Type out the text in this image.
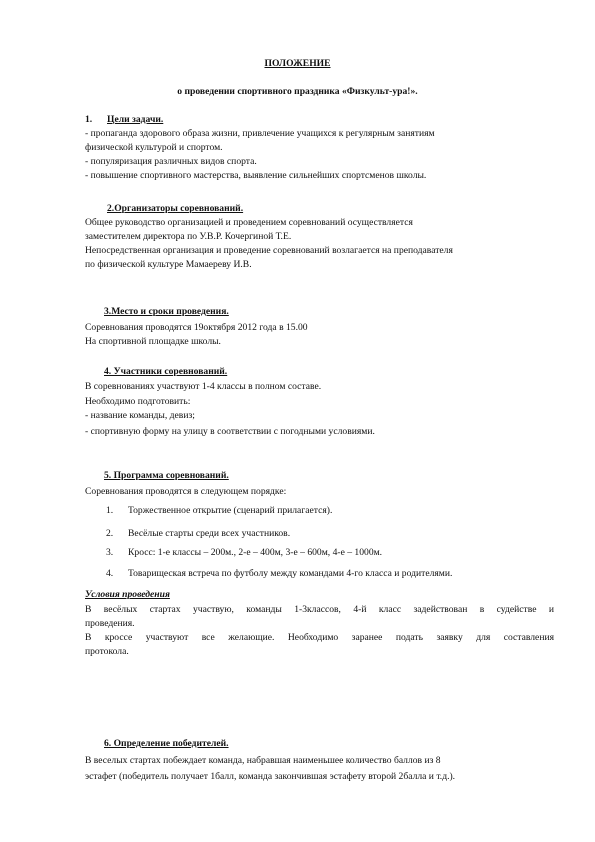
ПОЛОЖЕНИЕ
о проведении спортивного праздника «Физкульт-ура!».
1. Цели задачи.
- пропаганда здорового образа жизни, привлечение учащихся к регулярным занятиям
физической культурой и спортом.
- популяризация различных видов спорта.
- повышение спортивного мастерства, выявление сильнейших спортсменов школы.
2.Организаторы соревнований.
Общее руководство организацией и проведением соревнований осуществляется
заместителем директора по У.В.Р. Кочергиной Т.Е.
Непосредственная организация и проведение соревнований возлагается на преподавателя
по физической культуре Мамаереву И.В.
3.Место и сроки проведения.
Соревнования проводятся 19октября 2012 года в 15.00
На спортивной площадке школы.
4. Участники соревнований.
В соревнованиях участвуют 1-4 классы в полном составе.
Необходимо подготовить:
- название команды, девиз;
- спортивную форму на улицу в соответствии с погодными условиями.
5. Программа соревнований.
Соревнования проводятся в следующем порядке:
1. Торжественное открытие (сценарий прилагается).
2. Весёлые старты среди всех участников.
3. Кросс: 1-е классы – 200м., 2-е – 400м, 3-е – 600м, 4-е – 1000м.
4. Товарищеская встреча по футболу между командами 4-го класса и родителями.
Условия проведения
В весёлых стартах участвую, команды 1-3классов, 4-й класс задействован в судействе и
проведения.
В кроссе участвуют все желающие. Необходимо заранее подать заявку для составления
протокола.
6. Определение победителей.
В веселых стартах побеждает команда, набравшая наименьшее количество баллов из 8
эстафет (победитель получает 1балл, команда закончившая эстафету второй 2балла и т.д.).
